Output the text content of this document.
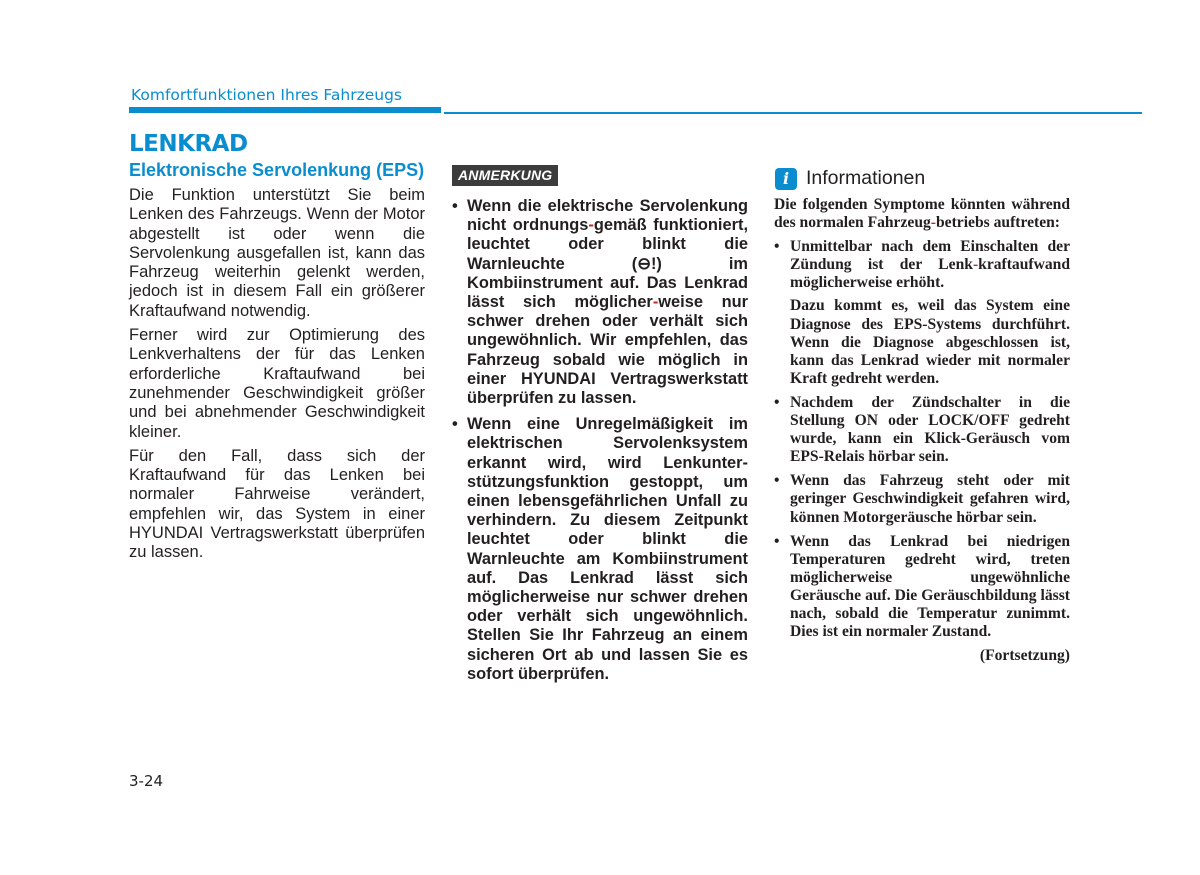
Komfortfunktionen Ihres Fahrzeugs
LENKRAD
Elektronische Servolenkung (EPS)

Die Funktion unterstützt Sie beim Lenken des Fahrzeugs. Wenn der Motor abgestellt ist oder wenn die Servolenkung ausgefallen ist, kann das Fahrzeug weiterhin gelenkt werden, jedoch ist in diesem Fall ein größerer Kraftaufwand notwendig.

Ferner wird zur Optimierung des Lenkverhaltens der für das Lenken erforderliche Kraftaufwand bei zunehmender Geschwindigkeit größer und bei abnehmender Geschwindigkeit kleiner.

Für den Fall, dass sich der Kraftaufwand für das Lenken bei normaler Fahrweise verändert, empfehlen wir, das System in einer HYUNDAI Vertragswerkstatt überprüfen zu lassen.

ANMERKUNG
• Wenn die elektrische Servolenkung nicht ordnungs-gemäß funktioniert, leuchtet oder blinkt die Warnleuchte (⊖!) im Kombiinstrument auf. Das Lenkrad lässt sich möglicher-weise nur schwer drehen oder verhält sich ungewöhnlich. Wir empfehlen, das Fahrzeug sobald wie möglich in einer HYUNDAI Vertragswerkstatt überprüfen zu lassen.
• Wenn eine Unregelmäßigkeit im elektrischen Servolenksystem erkannt wird, wird Lenkunterstützungsfunktion gestoppt, um einen lebensgefährlichen Unfall zu verhindern. Zu diesem Zeitpunkt leuchtet oder blinkt die Warnleuchte am Kombiinstrument auf. Das Lenkrad lässt sich möglicherweise nur schwer drehen oder verhält sich ungewöhnlich. Stellen Sie Ihr Fahrzeug an einem sicheren Ort ab und lassen Sie es sofort überprüfen.
i Informationen

Die folgenden Symptome könnten während des normalen Fahrzeug-betriebs auftreten:

• Unmittelbar nach dem Einschalten der Zündung ist der Lenk-kraftaufwand möglicherweise erhöht.

Dazu kommt es, weil das System eine Diagnose des EPS-Systems durchführt. Wenn die Diagnose abgeschlossen ist, kann das Lenkrad wieder mit normaler Kraft gedreht werden.

• Nachdem der Zündschalter in die Stellung ON oder LOCK/OFF gedreht wurde, kann ein Klick-Geräusch vom EPS-Relais hörbar sein.
• Wenn das Fahrzeug steht oder mit geringer Geschwindigkeit gefahren wird, können Motorgeräusche hörbar sein.
• Wenn das Lenkrad bei niedrigen Temperaturen gedreht wird, treten möglicherweise ungewöhnliche Geräusche auf. Die Geräuschbildung lässt nach, sobald die Temperatur zunimmt. Dies ist ein normaler Zustand.
(Fortsetzung)
3-24
